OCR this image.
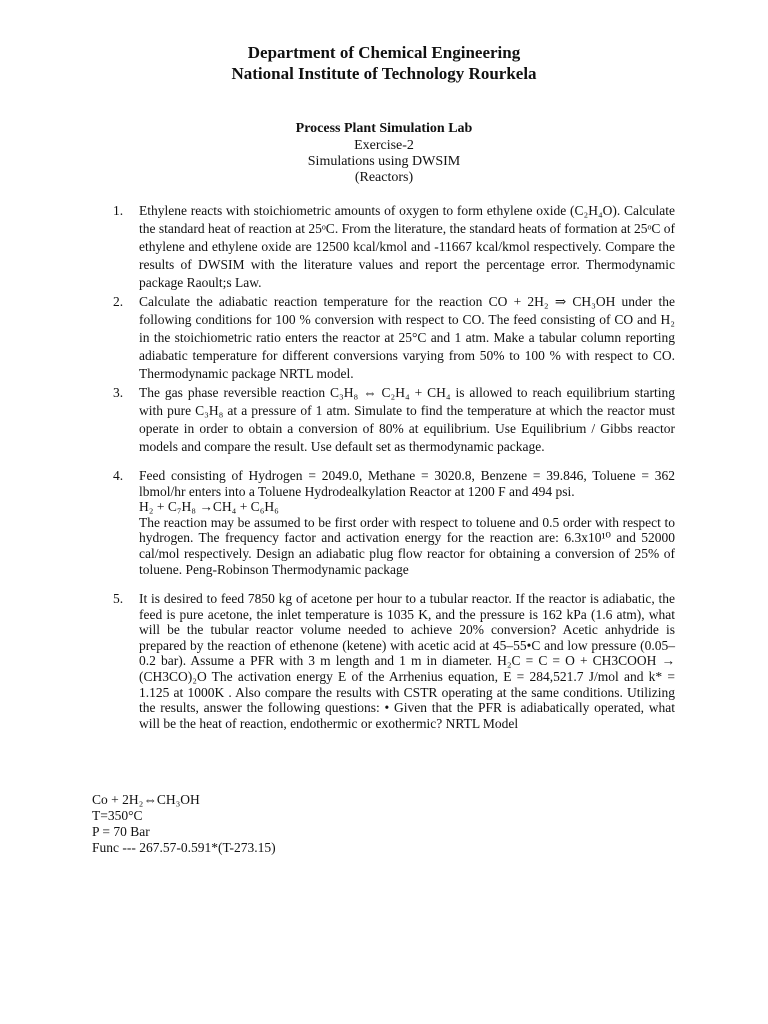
Department of Chemical Engineering
National Institute of Technology Rourkela
Process Plant Simulation Lab
Exercise-2
Simulations using DWSIM
(Reactors)
1. Ethylene reacts with stoichiometric amounts of oxygen to form ethylene oxide (C₂H₄O). Calculate the standard heat of reaction at 25ᵒC. From the literature, the standard heats of formation at 25ᵒC of ethylene and ethylene oxide are 12500 kcal/kmol and -11667 kcal/kmol respectively. Compare the results of DWSIM with the literature values and report the percentage error. Thermodynamic package Raoult;s Law.
2. Calculate the adiabatic reaction temperature for the reaction CO + 2H₂ ⇒ CH₃OH under the following conditions for 100 % conversion with respect to CO. The feed consisting of CO and H₂ in the stoichiometric ratio enters the reactor at 25°C and 1 atm. Make a tabular column reporting adiabatic temperature for different conversions varying from 50% to 100 % with respect to CO. Thermodynamic package NRTL model.
3. The gas phase reversible reaction C₃H₈ ⇔ C₂H₄ + CH₄ is allowed to reach equilibrium starting with pure C₃H₈ at a pressure of 1 atm. Simulate to find the temperature at which the reactor must operate in order to obtain a conversion of 80% at equilibrium. Use Equilibrium / Gibbs reactor models and compare the result. Use default set as thermodynamic package.
4. Feed consisting of Hydrogen = 2049.0, Methane = 3020.8, Benzene = 39.846, Toluene = 362 lbmol/hr enters into a Toluene Hydrodealkylation Reactor at 1200 F and 494 psi.
H₂ + C₇H₈ →CH₄ + C₆H₆
The reaction may be assumed to be first order with respect to toluene and 0.5 order with respect to hydrogen. The frequency factor and activation energy for the reaction are: 6.3x10¹⁰ and 52000 cal/mol respectively. Design an adiabatic plug flow reactor for obtaining a conversion of 25% of toluene. Peng-Robinson Thermodynamic package
5. It is desired to feed 7850 kg of acetone per hour to a tubular reactor. If the reactor is adiabatic, the feed is pure acetone, the inlet temperature is 1035 K, and the pressure is 162 kPa (1.6 atm), what will be the tubular reactor volume needed to achieve 20% conversion? Acetic anhydride is prepared by the reaction of ethenone (ketene) with acetic acid at 45–55•C and low pressure (0.05–0.2 bar). Assume a PFR with 3 m length and 1 m in diameter. H₂C = C = O + CH3COOH → (CH3CO)₂O The activation energy E of the Arrhenius equation, E = 284,521.7 J/mol and k* = 1.125 at 1000K . Also compare the results with CSTR operating at the same conditions. Utilizing the results, answer the following questions: • Given that the PFR is adiabatically operated, what will be the heat of reaction, endothermic or exothermic? NRTL Model
Co + 2H₂⇔CH₃OH
T=350°C
P = 70 Bar
Func --- 267.57-0.591*(T-273.15)
